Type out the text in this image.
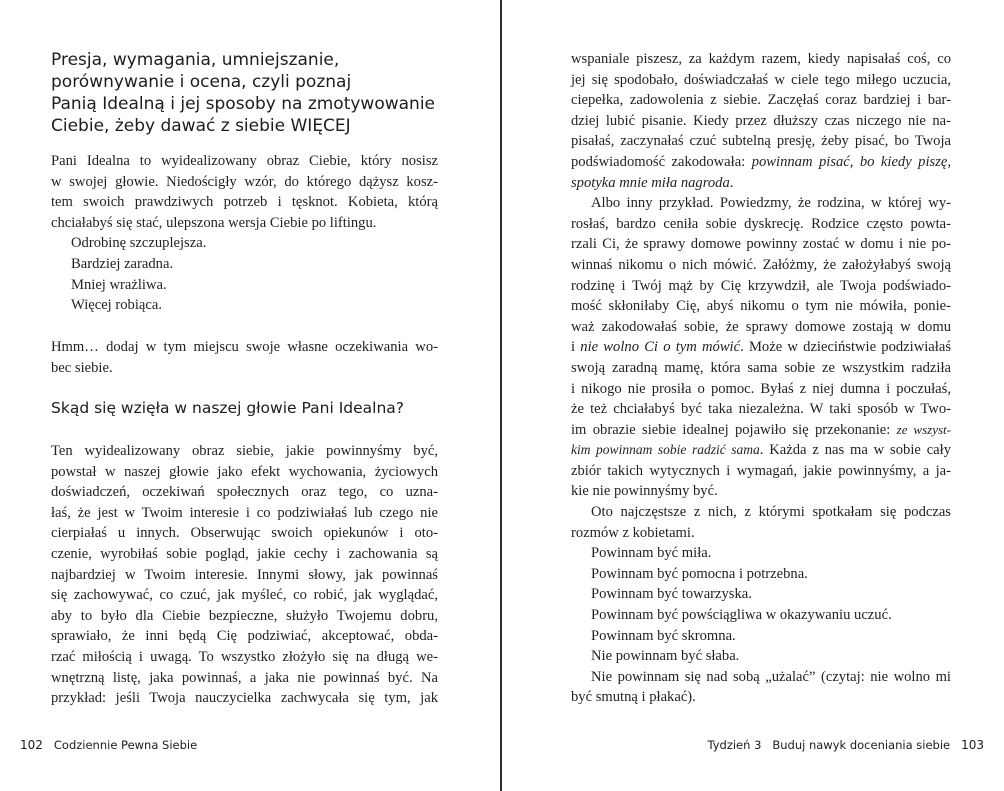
Presja, wymagania, umniejszanie,
porównywanie i ocena, czyli poznaj
Panią Idealną i jej sposoby na zmotywowanie
Ciebie, żeby dawać z siebie WIĘCEJ
Pani Idealna to wyidealizowany obraz Ciebie, który nosisz
w swojej głowie. Niedościgły wzór, do którego dążysz kosz-
tem swoich prawdziwych potrzeb i tęsknot. Kobieta, którą
chciałabyś się stać, ulepszona wersja Ciebie po liftingu.
Odrobinę szczuplejsza.
Bardziej zaradna.
Mniej wrażliwa.
Więcej robiąca.
Hmm… dodaj w tym miejscu swoje własne oczekiwania wo-
bec siebie.
Skąd się wzięła w naszej głowie Pani Idealna?
Ten wyidealizowany obraz siebie, jakie powinnyśmy być,
powstał w naszej głowie jako efekt wychowania, życiowych
doświadczeń, oczekiwań społecznych oraz tego, co uzna-
łaś, że jest w Twoim interesie i co podziwiałaś lub czego nie
cierpiałaś u innych. Obserwując swoich opiekunów i oto-
czenie, wyrobiłaś sobie pogląd, jakie cechy i zachowania są
najbardziej w Twoim interesie. Innymi słowy, jak powinnaś
się zachowywać, co czuć, jak myśleć, co robić, jak wyglądać,
aby to było dla Ciebie bezpieczne, służyło Twojemu dobru,
sprawiało, że inni będą Cię podziwiać, akceptować, obda-
rzać miłością i uwagą. To wszystko złożyło się na długą we-
wnętrzną listę, jaka powinnaś, a jaka nie powinnaś być. Na
przykład: jeśli Twoja nauczycielka zachwycała się tym, jak
102 Codziennie Pewna Siebie
wspaniale piszesz, za każdym razem, kiedy napisałaś coś, co
jej się spodobało, doświadczałaś w ciele tego miłego uczucia,
ciepełka, zadowolenia z siebie. Zaczęłaś coraz bardziej i bar-
dziej lubić pisanie. Kiedy przez dłuższy czas niczego nie na-
pisałaś, zaczynałaś czuć subtelną presję, żeby pisać, bo Twoja
podświadomość zakodowała: powinnam pisać, bo kiedy piszę,
spotyka mnie miła nagroda.
Albo inny przykład. Powiedzmy, że rodzina, w której wy-
rosłaś, bardzo ceniła sobie dyskrecję. Rodzice często powta-
rzali Ci, że sprawy domowe powinny zostać w domu i nie po-
winnaś nikomu o nich mówić. Załóżmy, że założyłabyś swoją
rodzinę i Twój mąż by Cię krzywdził, ale Twoja podświado-
mość skłoniłaby Cię, abyś nikomu o tym nie mówiła, ponie-
waż zakodowałaś sobie, że sprawy domowe zostają w domu
i nie wolno Ci o tym mówić. Może w dzieciństwie podziwiałaś
swoją zaradną mamę, która sama sobie ze wszystkim radziła
i nikogo nie prosiła o pomoc. Byłaś z niej dumna i poczułaś,
że też chciałabyś być taka niezależna. W taki sposób w Two-
im obrazie siebie idealnej pojawiło się przekonanie: ze wszyst-
kim powinnam sobie radzić sama. Każda z nas ma w sobie cały
zbiór takich wytycznych i wymagań, jakie powinnyśmy, a ja-
kie nie powinnyśmy być.
Oto najczęstsze z nich, z którymi spotkałam się podczas
rozmów z kobietami.
Powinnam być miła.
Powinnam być pomocna i potrzebna.
Powinnam być towarzyska.
Powinnam być powściągliwa w okazywaniu uczuć.
Powinnam być skromna.
Nie powinnam być słaba.
Nie powinnam się nad sobą „użalać” (czytaj: nie wolno mi
być smutną i płakać).
Tydzień 3 Buduj nawyk doceniania siebie 103
